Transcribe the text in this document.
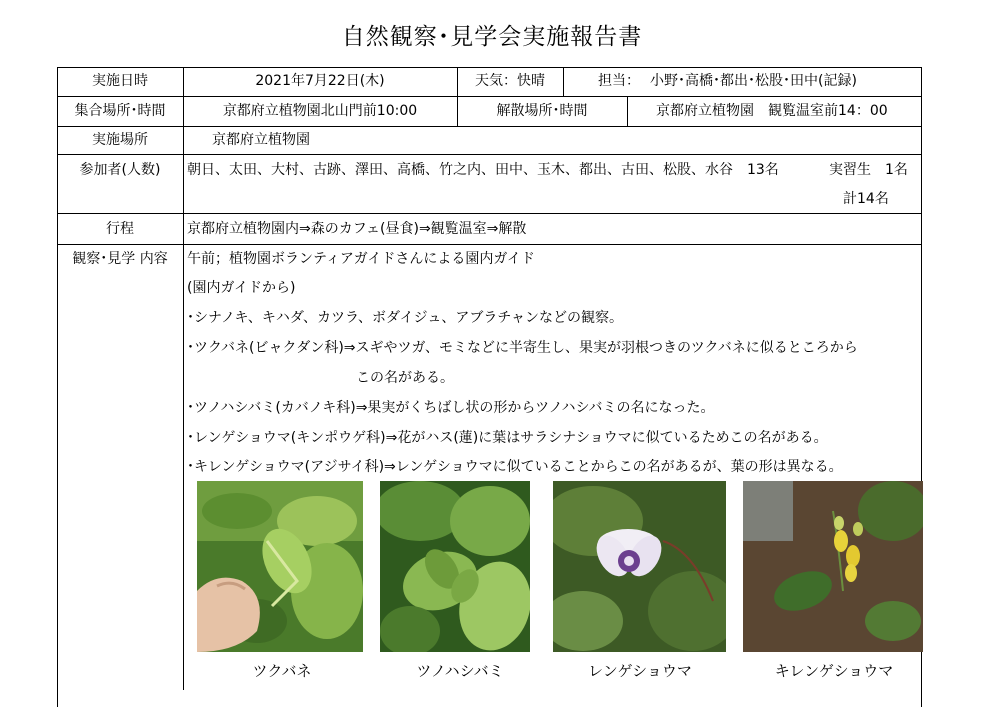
自然観察･見学会実施報告書
実施日時	2021年7月22日(木)	天気：快晴	担当： 小野･高橋･都出･松股･田中(記録)
集合場所･時間	京都府立植物園北山門前10:00	解散場所･時間	京都府立植物園　観覧温室前14：00
実施場所	京都府立植物園
参加者(人数)	朝日、太田、大村、古跡、澤田、高橋、竹之内、田中、玉木、都出、古田、松股、水谷　13名	実習生　1名
計14名
行程	京都府立植物園内⇒森のカフェ(昼食)⇒観覧温室⇒解散
観察･見学 内容	午前；植物園ボランティアガイドさんによる園内ガイド
(園内ガイドから)
･シナノキ、キハダ、カツラ、ボダイジュ、アブラチャンなどの観察。
･ツクバネ(ビャクダン科)⇒スギやツガ、モミなどに半寄生し、果実が羽根つきのツクバネに似るところから
この名がある。
･ツノハシバミ(カバノキ科)⇒果実がくちばし状の形からツノハシバミの名になった。
･レンゲショウマ(キンポウゲ科)⇒花がハス(蓮)に葉はサラシナショウマに似ているためこの名がある。
･キレンゲショウマ(アジサイ科)⇒レンゲショウマに似ていることからこの名があるが、葉の形は異なる。
ツクバネ	ツノハシバミ	レンゲショウマ	キレンゲショウマ
